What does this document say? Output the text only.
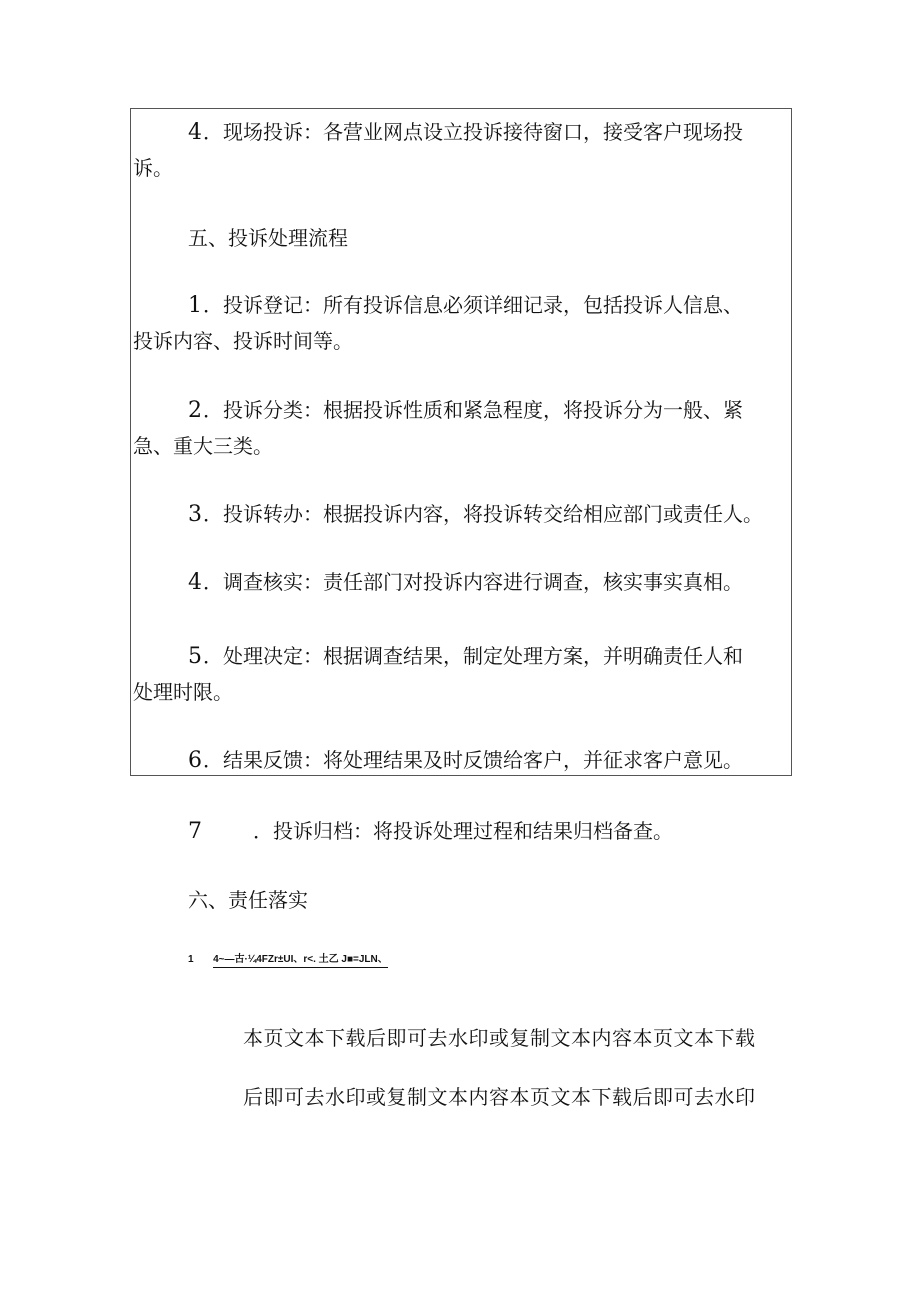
4．现场投诉：各营业网点设立投诉接待窗口，接受客户现场投
诉。
五、投诉处理流程
1．投诉登记：所有投诉信息必须详细记录，包括投诉人信息、
投诉内容、投诉时间等。
2．投诉分类：根据投诉性质和紧急程度，将投诉分为一般、紧
急、重大三类。
3．投诉转办：根据投诉内容，将投诉转交给相应部门或责任人。
4．调查核实：责任部门对投诉内容进行调查，核实事实真相。
5．处理决定：根据调查结果，制定处理方案，并明确责任人和
处理时限。
6．结果反馈：将处理结果及时反馈给客户，并征求客户意见。
7	．投诉归档：将投诉处理过程和结果归档备查。
六、责任落实
1 4~—古·¼4FZr±UI、r<. 土乙 J■=JLN、
本页文本下载后即可去水印或复制文本内容本页文本下载
后即可去水印或复制文本内容本页文本下载后即可去水印
